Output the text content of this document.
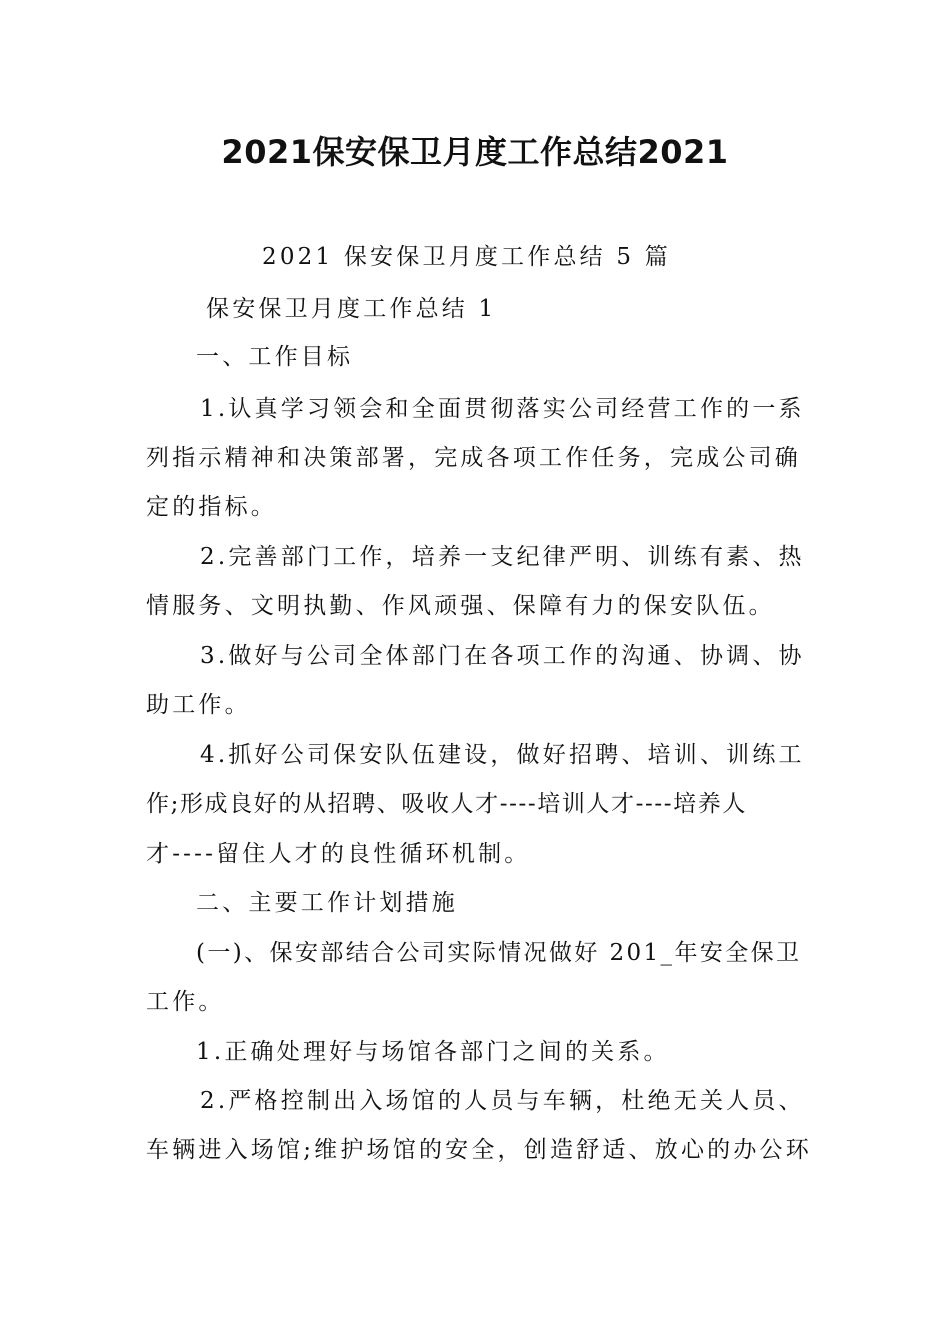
2021保安保卫月度工作总结2021

2021 保安保卫月度工作总结 5 篇

保安保卫月度工作总结 1

一、工作目标

1.认真学习领会和全面贯彻落实公司经营工作的一系

列指示精神和决策部署，完成各项工作任务，完成公司确

定的指标。

2.完善部门工作，培养一支纪律严明、训练有素、热

情服务、文明执勤、作风顽强、保障有力的保安队伍。

3.做好与公司全体部门在各项工作的沟通、协调、协

助工作。

4.抓好公司保安队伍建设，做好招聘、培训、训练工

作;形成良好的从招聘、吸收人才----培训人才----培养人

才----留住人才的良性循环机制。

二、主要工作计划措施

(一)、保安部结合公司实际情况做好 201_年安全保卫

工作。

1.正确处理好与场馆各部门之间的关系。

2.严格控制出入场馆的人员与车辆，杜绝无关人员、

车辆进入场馆;维护场馆的安全，创造舒适、放心的办公环
